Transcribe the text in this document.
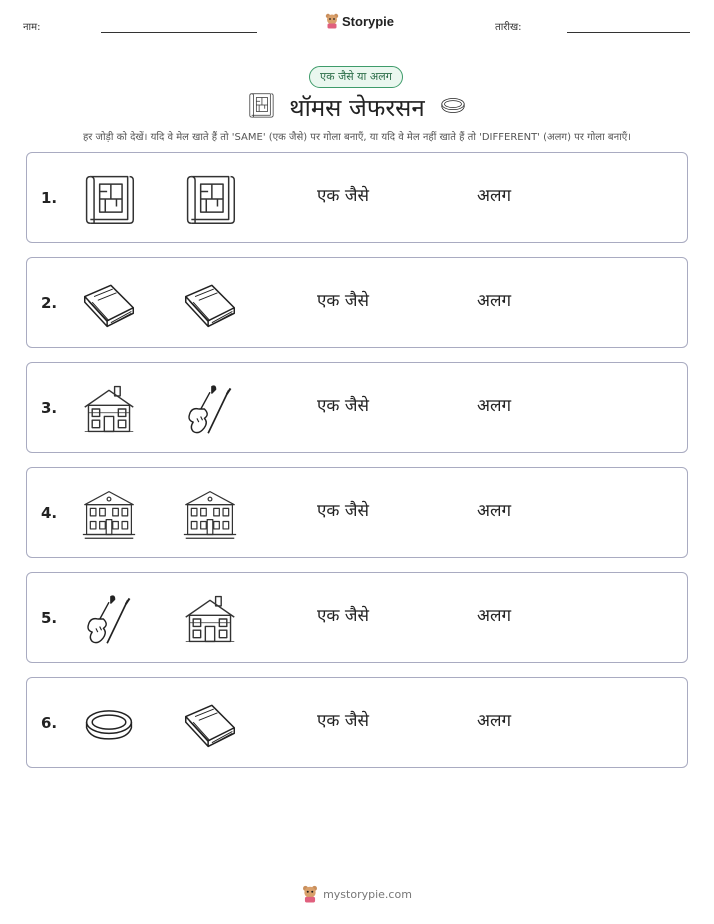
नाम:	Storypie	तारीख:
एक जैसे या अलग
थॉमस जेफरसन
हर जोड़ी को देखें। यदि वे मेल खाते हैं तो 'SAME' (एक जैसे) पर गोला बनाएँ, या यदि वे मेल नहीं खाते हैं तो 'DIFFERENT' (अलग) पर गोला बनाएँ।
1.	एक जैसे	अलग
2.	एक जैसे	अलग
3.	एक जैसे	अलग
4.	एक जैसे	अलग
5.	एक जैसे	अलग
6.	एक जैसे	अलग
mystorypie.com
